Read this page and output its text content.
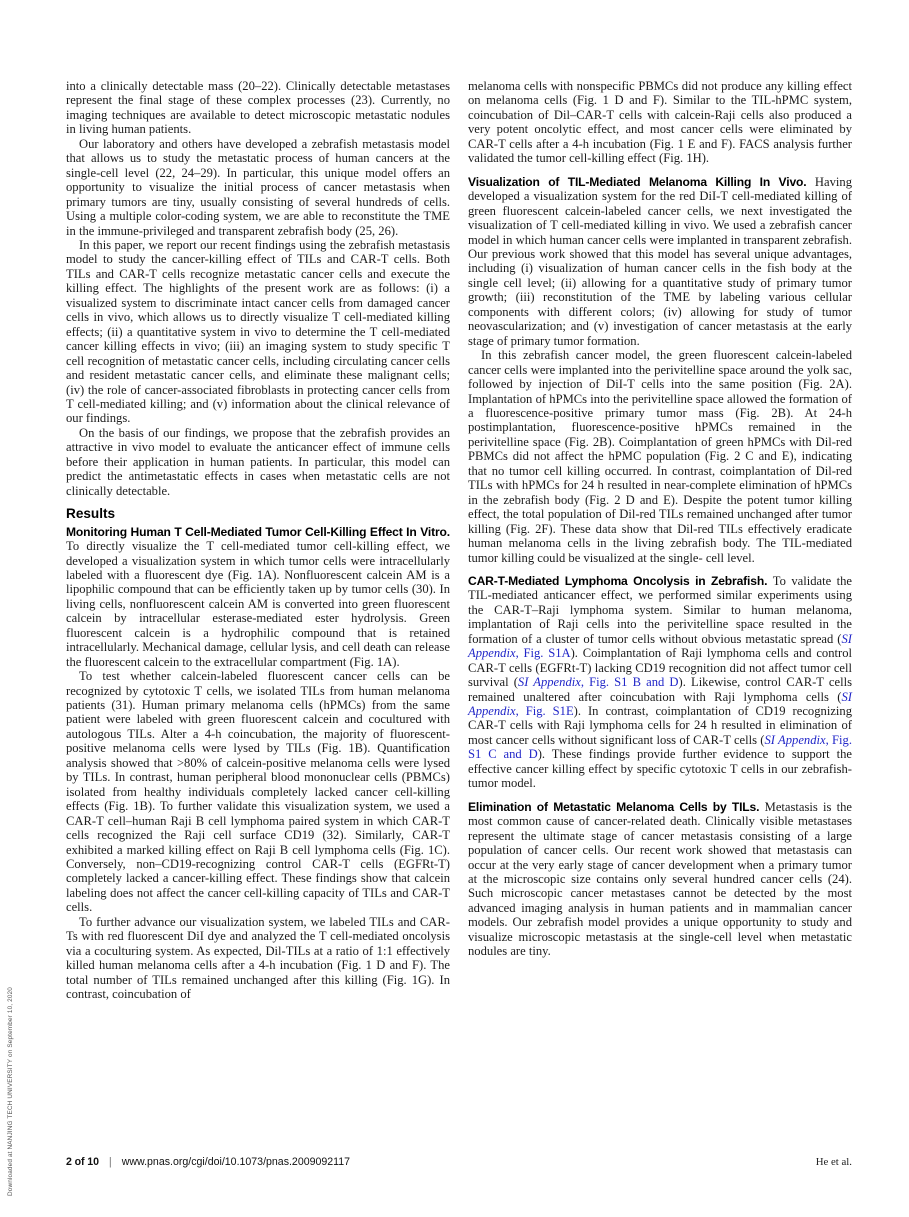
Downloaded at NANJING TECH UNIVERSITY on September 10, 2020

into a clinically detectable mass (20–22). Clinically detectable metastases represent the final stage of these complex processes (23). Currently, no imaging techniques are available to detect microscopic metastatic nodules in living human patients.

Our laboratory and others have developed a zebrafish metastasis model that allows us to study the metastatic process of human cancers at the single-cell level (22, 24–29). In particular, this unique model offers an opportunity to visualize the initial process of cancer metastasis when primary tumors are tiny, usually consisting of several hundreds of cells. Using a multiple color-coding system, we are able to reconstitute the TME in the immune-privileged and transparent zebrafish body (25, 26).

In this paper, we report our recent findings using the zebrafish metastasis model to study the cancer-killing effect of TILs and CAR-T cells. Both TILs and CAR-T cells recognize metastatic cancer cells and execute the killing effect. The highlights of the present work are as follows: (i) a visualized system to discriminate intact cancer cells from damaged cancer cells in vivo, which allows us to directly visualize T cell-mediated killing effects; (ii) a quantitative system in vivo to determine the T cell-mediated cancer killing effects in vivo; (iii) an imaging system to study specific T cell recognition of metastatic cancer cells, including circulating cancer cells and resident metastatic cancer cells, and eliminate these malignant cells; (iv) the role of cancer-associated fibroblasts in protecting cancer cells from T cell-mediated killing; and (v) information about the clinical relevance of our findings.

On the basis of our findings, we propose that the zebrafish provides an attractive in vivo model to evaluate the anticancer effect of immune cells before their application in human patients. In particular, this model can predict the antimetastatic effects in cases when metastatic cells are not clinically detectable.

Results

Monitoring Human T Cell-Mediated Tumor Cell-Killing Effect In Vitro. To directly visualize the T cell-mediated tumor cell-killing effect, we developed a visualization system in which tumor cells were intracellularly labeled with a fluorescent dye (Fig. 1A). Nonfluorescent calcein AM is a lipophilic compound that can be efficiently taken up by tumor cells (30). In living cells, nonfluorescent calcein AM is converted into green fluorescent calcein by intracellular esterase-mediated ester hydrolysis. Green fluorescent calcein is a hydrophilic compound that is retained intracellularly. Mechanical damage, cellular lysis, and cell death can release the fluorescent calcein to the extracellular compartment (Fig. 1A).

To test whether calcein-labeled fluorescent cancer cells can be recognized by cytotoxic T cells, we isolated TILs from human melanoma patients (31). Human primary melanoma cells (hPMCs) from the same patient were labeled with green fluorescent calcein and cocultured with autologous TILs. Alter a 4-h coincubation, the majority of fluorescent-positive melanoma cells were lysed by TILs (Fig. 1B). Quantification analysis showed that >80% of calcein-positive melanoma cells were lysed by TILs. In contrast, human peripheral blood mononuclear cells (PBMCs) isolated from healthy individuals completely lacked cancer cell-killing effects (Fig. 1B). To further validate this visualization system, we used a CAR-T cell–human Raji B cell lymphoma paired system in which CAR-T cells recognized the Raji cell surface CD19 (32). Similarly, CAR-T exhibited a marked killing effect on Raji B cell lymphoma cells (Fig. 1C). Conversely, non–CD19-recognizing control CAR-T cells (EGFRt-T) completely lacked a cancer-killing effect. These findings show that calcein labeling does not affect the cancer cell-killing capacity of TILs and CAR-T cells.

To further advance our visualization system, we labeled TILs and CAR-Ts with red fluorescent DiI dye and analyzed the T cell-mediated oncolysis via a coculturing system. As expected, Dil-TILs at a ratio of 1:1 effectively killed human melanoma cells after a 4-h incubation (Fig. 1 D and F). The total number of TILs remained unchanged after this killing (Fig. 1G). In contrast, coincubation of

melanoma cells with nonspecific PBMCs did not produce any killing effect on melanoma cells (Fig. 1 D and F). Similar to the TIL-hPMC system, coincubation of Dil–CAR-T cells with calcein-Raji cells also produced a very potent oncolytic effect, and most cancer cells were eliminated by CAR-T cells after a 4-h incubation (Fig. 1 E and F). FACS analysis further validated the tumor cell-killing effect (Fig. 1H).

Visualization of TIL-Mediated Melanoma Killing In Vivo. Having developed a visualization system for the red DiI-T cell-mediated killing of green fluorescent calcein-labeled cancer cells, we next investigated the visualization of T cell-mediated killing in vivo. We used a zebrafish cancer model in which human cancer cells were implanted in transparent zebrafish. Our previous work showed that this model has several unique advantages, including (i) visualization of human cancer cells in the fish body at the single cell level; (ii) allowing for a quantitative study of primary tumor growth; (iii) reconstitution of the TME by labeling various cellular components with different colors; (iv) allowing for study of tumor neovascularization; and (v) investigation of cancer metastasis at the early stage of primary tumor formation.

In this zebrafish cancer model, the green fluorescent calcein-labeled cancer cells were implanted into the perivitelline space around the yolk sac, followed by injection of DiI-T cells into the same position (Fig. 2A). Implantation of hPMCs into the perivitelline space allowed the formation of a fluorescence-positive primary tumor mass (Fig. 2B). At 24-h postimplantation, fluorescence-positive hPMCs remained in the perivitelline space (Fig. 2B). Coimplantation of green hPMCs with Dil-red PBMCs did not affect the hPMC population (Fig. 2 C and E), indicating that no tumor cell killing occurred. In contrast, coimplantation of Dil-red TILs with hPMCs for 24 h resulted in near-complete elimination of hPMCs in the zebrafish body (Fig. 2 D and E). Despite the potent tumor killing effect, the total population of Dil-red TILs remained unchanged after tumor killing (Fig. 2F). These data show that Dil-red TILs effectively eradicate human melanoma cells in the living zebrafish body. The TIL-mediated tumor killing could be visualized at the single- cell level.

CAR-T-Mediated Lymphoma Oncolysis in Zebrafish. To validate the TIL-mediated anticancer effect, we performed similar experiments using the CAR-T–Raji lymphoma system. Similar to human melanoma, implantation of Raji cells into the perivitelline space resulted in the formation of a cluster of tumor cells without obvious metastatic spread (SI Appendix, Fig. S1A). Coimplantation of Raji lymphoma cells and control CAR-T cells (EGFRt-T) lacking CD19 recognition did not affect tumor cell survival (SI Appendix, Fig. S1 B and D). Likewise, control CAR-T cells remained unaltered after coincubation with Raji lymphoma cells (SI Appendix, Fig. S1E). In contrast, coimplantation of CD19 recognizing CAR-T cells with Raji lymphoma cells for 24 h resulted in elimination of most cancer cells without significant loss of CAR-T cells (SI Appendix, Fig. S1 C and D). These findings provide further evidence to support the effective cancer killing effect by specific cytotoxic T cells in our zebrafish-tumor model.

Elimination of Metastatic Melanoma Cells by TILs. Metastasis is the most common cause of cancer-related death. Clinically visible metastases represent the ultimate stage of cancer metastasis consisting of a large population of cancer cells. Our recent work showed that metastasis can occur at the very early stage of cancer development when a primary tumor at the microscopic size contains only several hundred cancer cells (24). Such microscopic cancer metastases cannot be detected by the most advanced imaging analysis in human patients and in mammalian cancer models. Our zebrafish model provides a unique opportunity to study and visualize microscopic metastasis at the single-cell level when metastatic nodules are tiny.

2 of 10 | www.pnas.org/cgi/doi/10.1073/pnas.2009092117	He et al.
